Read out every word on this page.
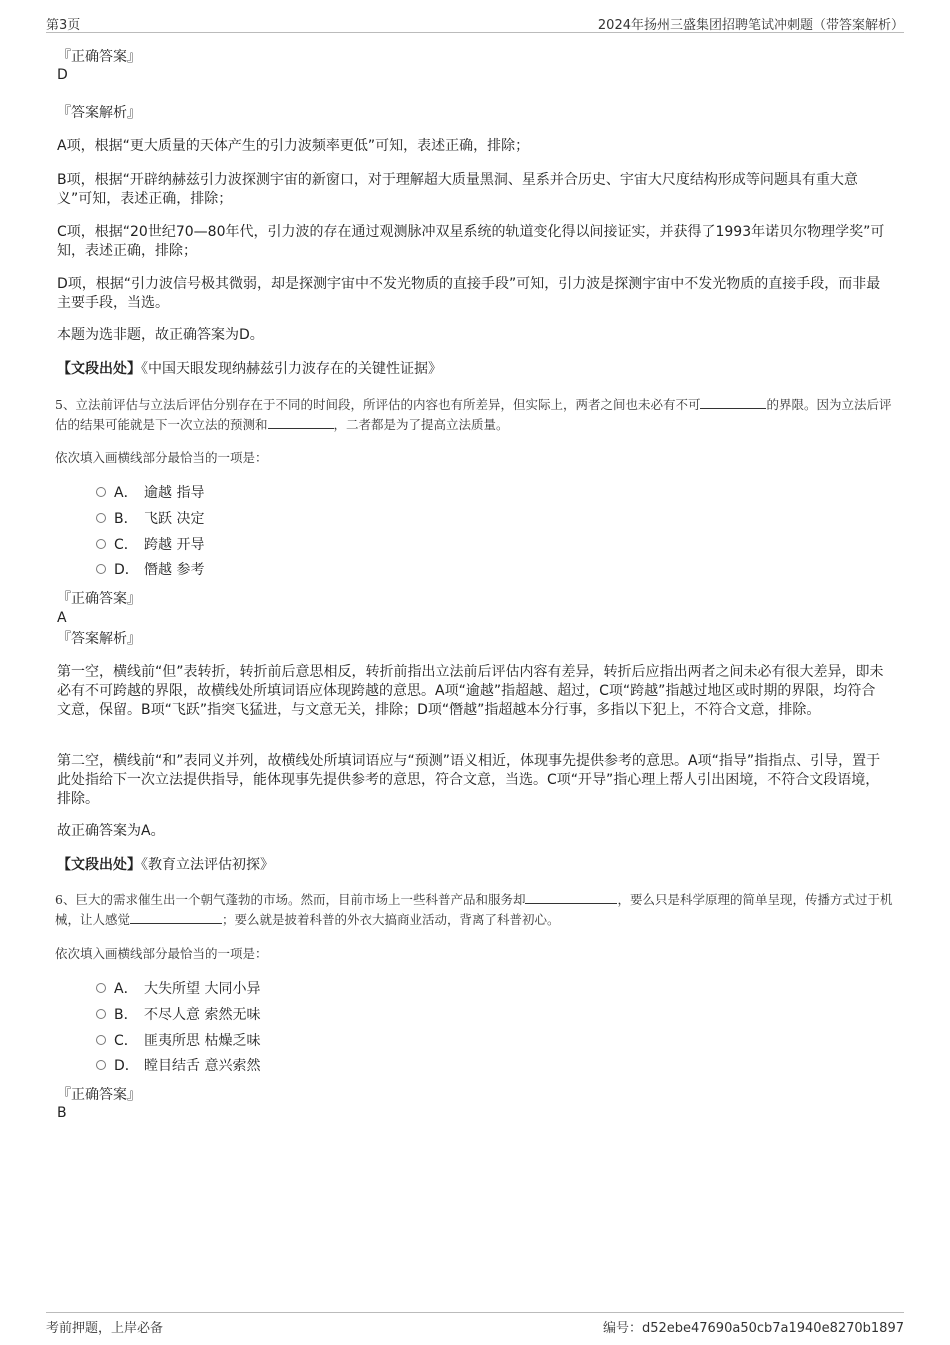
第3页	2024年扬州三盛集团招聘笔试冲刺题（带答案解析）
『正确答案』
D
『答案解析』
A项，根据“更大质量的天体产生的引力波频率更低”可知，表述正确，排除；
B项，根据“开辟纳赫兹引力波探测宇宙的新窗口，对于理解超大质量黑洞、星系并合历史、宇宙大尺度结构形成等问题具有重大意义”可知，表述正确，排除；
C项，根据“20世纪70—80年代，引力波的存在通过观测脉冲双星系统的轨道变化得以间接证实，并获得了1993年诺贝尔物理学奖”可知，表述正确，排除；
D项，根据“引力波信号极其微弱，却是探测宇宙中不发光物质的直接手段”可知，引力波是探测宇宙中不发光物质的直接手段，而非最主要手段，当选。
本题为选非题，故正确答案为D。
【文段出处】《中国天眼发现纳赫兹引力波存在的关键性证据》
5、立法前评估与立法后评估分别存在于不同的时间段，所评估的内容也有所差异，但实际上，两者之间也未必有不可	的界限。因为立法后评估的结果可能就是下一次立法的预测和	，二者都是为了提高立法质量。
依次填入画横线部分最恰当的一项是：
A． 逾越 指导
B． 飞跃 决定
C． 跨越 开导
D． 僭越 参考
『正确答案』
A
『答案解析』
第一空，横线前“但”表转折，转折前后意思相反，转折前指出立法前后评估内容有差异，转折后应指出两者之间未必有很大差异，即未必有不可跨越的界限，故横线处所填词语应体现跨越的意思。A项“逾越”指超越、超过，C项“跨越”指越过地区或时期的界限，均符合文意，保留。B项“飞跃”指突飞猛进，与文意无关，排除；D项“僭越”指超越本分行事，多指以下犯上，不符合文意，排除。
第二空，横线前“和”表同义并列，故横线处所填词语应与“预测”语义相近，体现事先提供参考的意思。A项“指导”指指点、引导，置于此处指给下一次立法提供指导，能体现事先提供参考的意思，符合文意，当选。C项“开导”指心理上帮人引出困境，不符合文段语境，排除。
故正确答案为A。
【文段出处】《教育立法评估初探》
6、巨大的需求催生出一个朝气蓬勃的市场。然而，目前市场上一些科普产品和服务却	，要么只是科学原理的简单呈现，传播方式过于机械，让人感觉	；要么就是披着科普的外衣大搞商业活动，背离了科普初心。
依次填入画横线部分最恰当的一项是：
A． 大失所望 大同小异
B． 不尽人意 索然无味
C． 匪夷所思 枯燥乏味
D． 瞠目结舌 意兴索然
『正确答案』
B
考前押题，上岸必备	编号：d52ebe47690a50cb7a1940e8270b1897
